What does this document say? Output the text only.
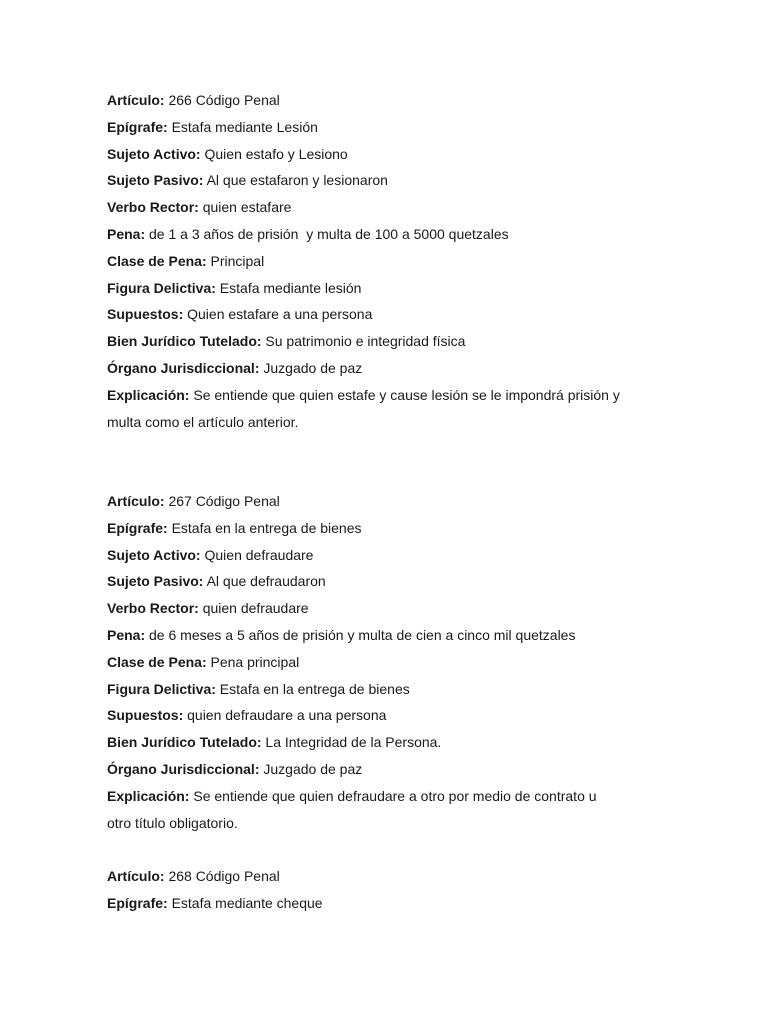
Artículo: 266 Código Penal
Epígrafe: Estafa mediante Lesión
Sujeto Activo: Quien estafo y Lesiono
Sujeto Pasivo: Al que estafaron y lesionaron
Verbo Rector: quien estafare
Pena: de 1 a 3 años de prisión  y multa de 100 a 5000 quetzales
Clase de Pena: Principal
Figura Delictiva: Estafa mediante lesión
Supuestos: Quien estafare a una persona
Bien Jurídico Tutelado: Su patrimonio e integridad física
Órgano Jurisdiccional: Juzgado de paz
Explicación: Se entiende que quien estafe y cause lesión se le impondrá prisión y
multa como el artículo anterior.
Artículo: 267 Código Penal
Epígrafe: Estafa en la entrega de bienes
Sujeto Activo: Quien defraudare
Sujeto Pasivo: Al que defraudaron
Verbo Rector: quien defraudare
Pena: de 6 meses a 5 años de prisión y multa de cien a cinco mil quetzales
Clase de Pena: Pena principal
Figura Delictiva: Estafa en la entrega de bienes
Supuestos: quien defraudare a una persona
Bien Jurídico Tutelado: La Integridad de la Persona.
Órgano Jurisdiccional: Juzgado de paz
Explicación: Se entiende que quien defraudare a otro por medio de contrato u
otro título obligatorio.
Artículo: 268 Código Penal
Epígrafe: Estafa mediante cheque
